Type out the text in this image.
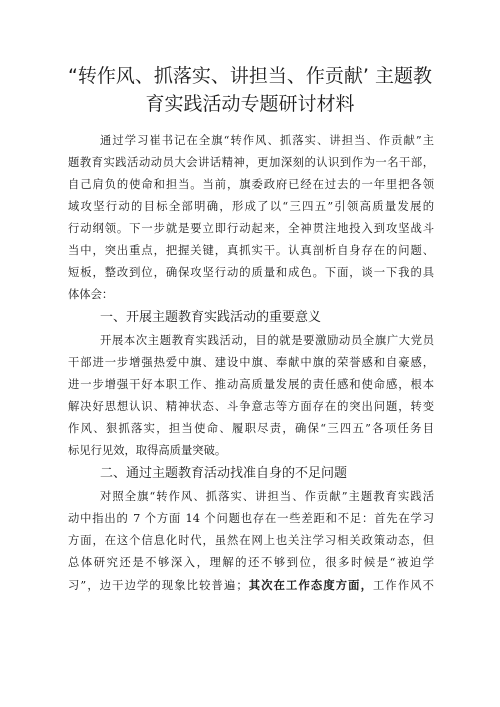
“转作风、抓落实、讲担当、作贡献’ 主题教
育实践活动专题研讨材料
通过学习崔书记在全旗“转作风、抓落实、讲担当、作贡献”主
题教育实践活动动员大会讲话精神，更加深刻的认识到作为一名干部，
自己肩负的使命和担当。当前，旗委政府已经在过去的一年里把各领
域攻坚行动的目标全部明确，形成了以“三四五”引领高质量发展的
行动纲领。下一步就是要立即行动起来，全神贯注地投入到攻坚战斗
当中，突出重点，把握关键，真抓实干。认真剖析自身存在的问题、
短板，整改到位，确保攻坚行动的质量和成色。下面，谈一下我的具
体体会：
一、开展主题教育实践活动的重要意义
开展本次主题教育实践活动，目的就是要激励动员全旗广大党员
干部进一步增强热爱中旗、建设中旗、奉献中旗的荣誉感和自豪感，
进一步增强干好本职工作、推动高质量发展的责任感和使命感，根本
解决好思想认识、精神状态、斗争意志等方面存在的突出问题，转变
作风、狠抓落实，担当使命、履职尽责，确保“三四五”各项任务目
标见行见效，取得高质量突破。
二、通过主题教育活动找准自身的不足问题
对照全旗“转作风、抓落实、讲担当、作贡献”主题教育实践活
动中指出的 7 个方面 14 个问题也存在一些差距和不足：首先在学习
方面，在这个信息化时代，虽然在网上也关注学习相关政策动态，但
总体研究还是不够深入，理解的还不够到位，很多时候是“被迫学
习”，边干边学的现象比较普遍；其次在工作态度方面，工作作风不
